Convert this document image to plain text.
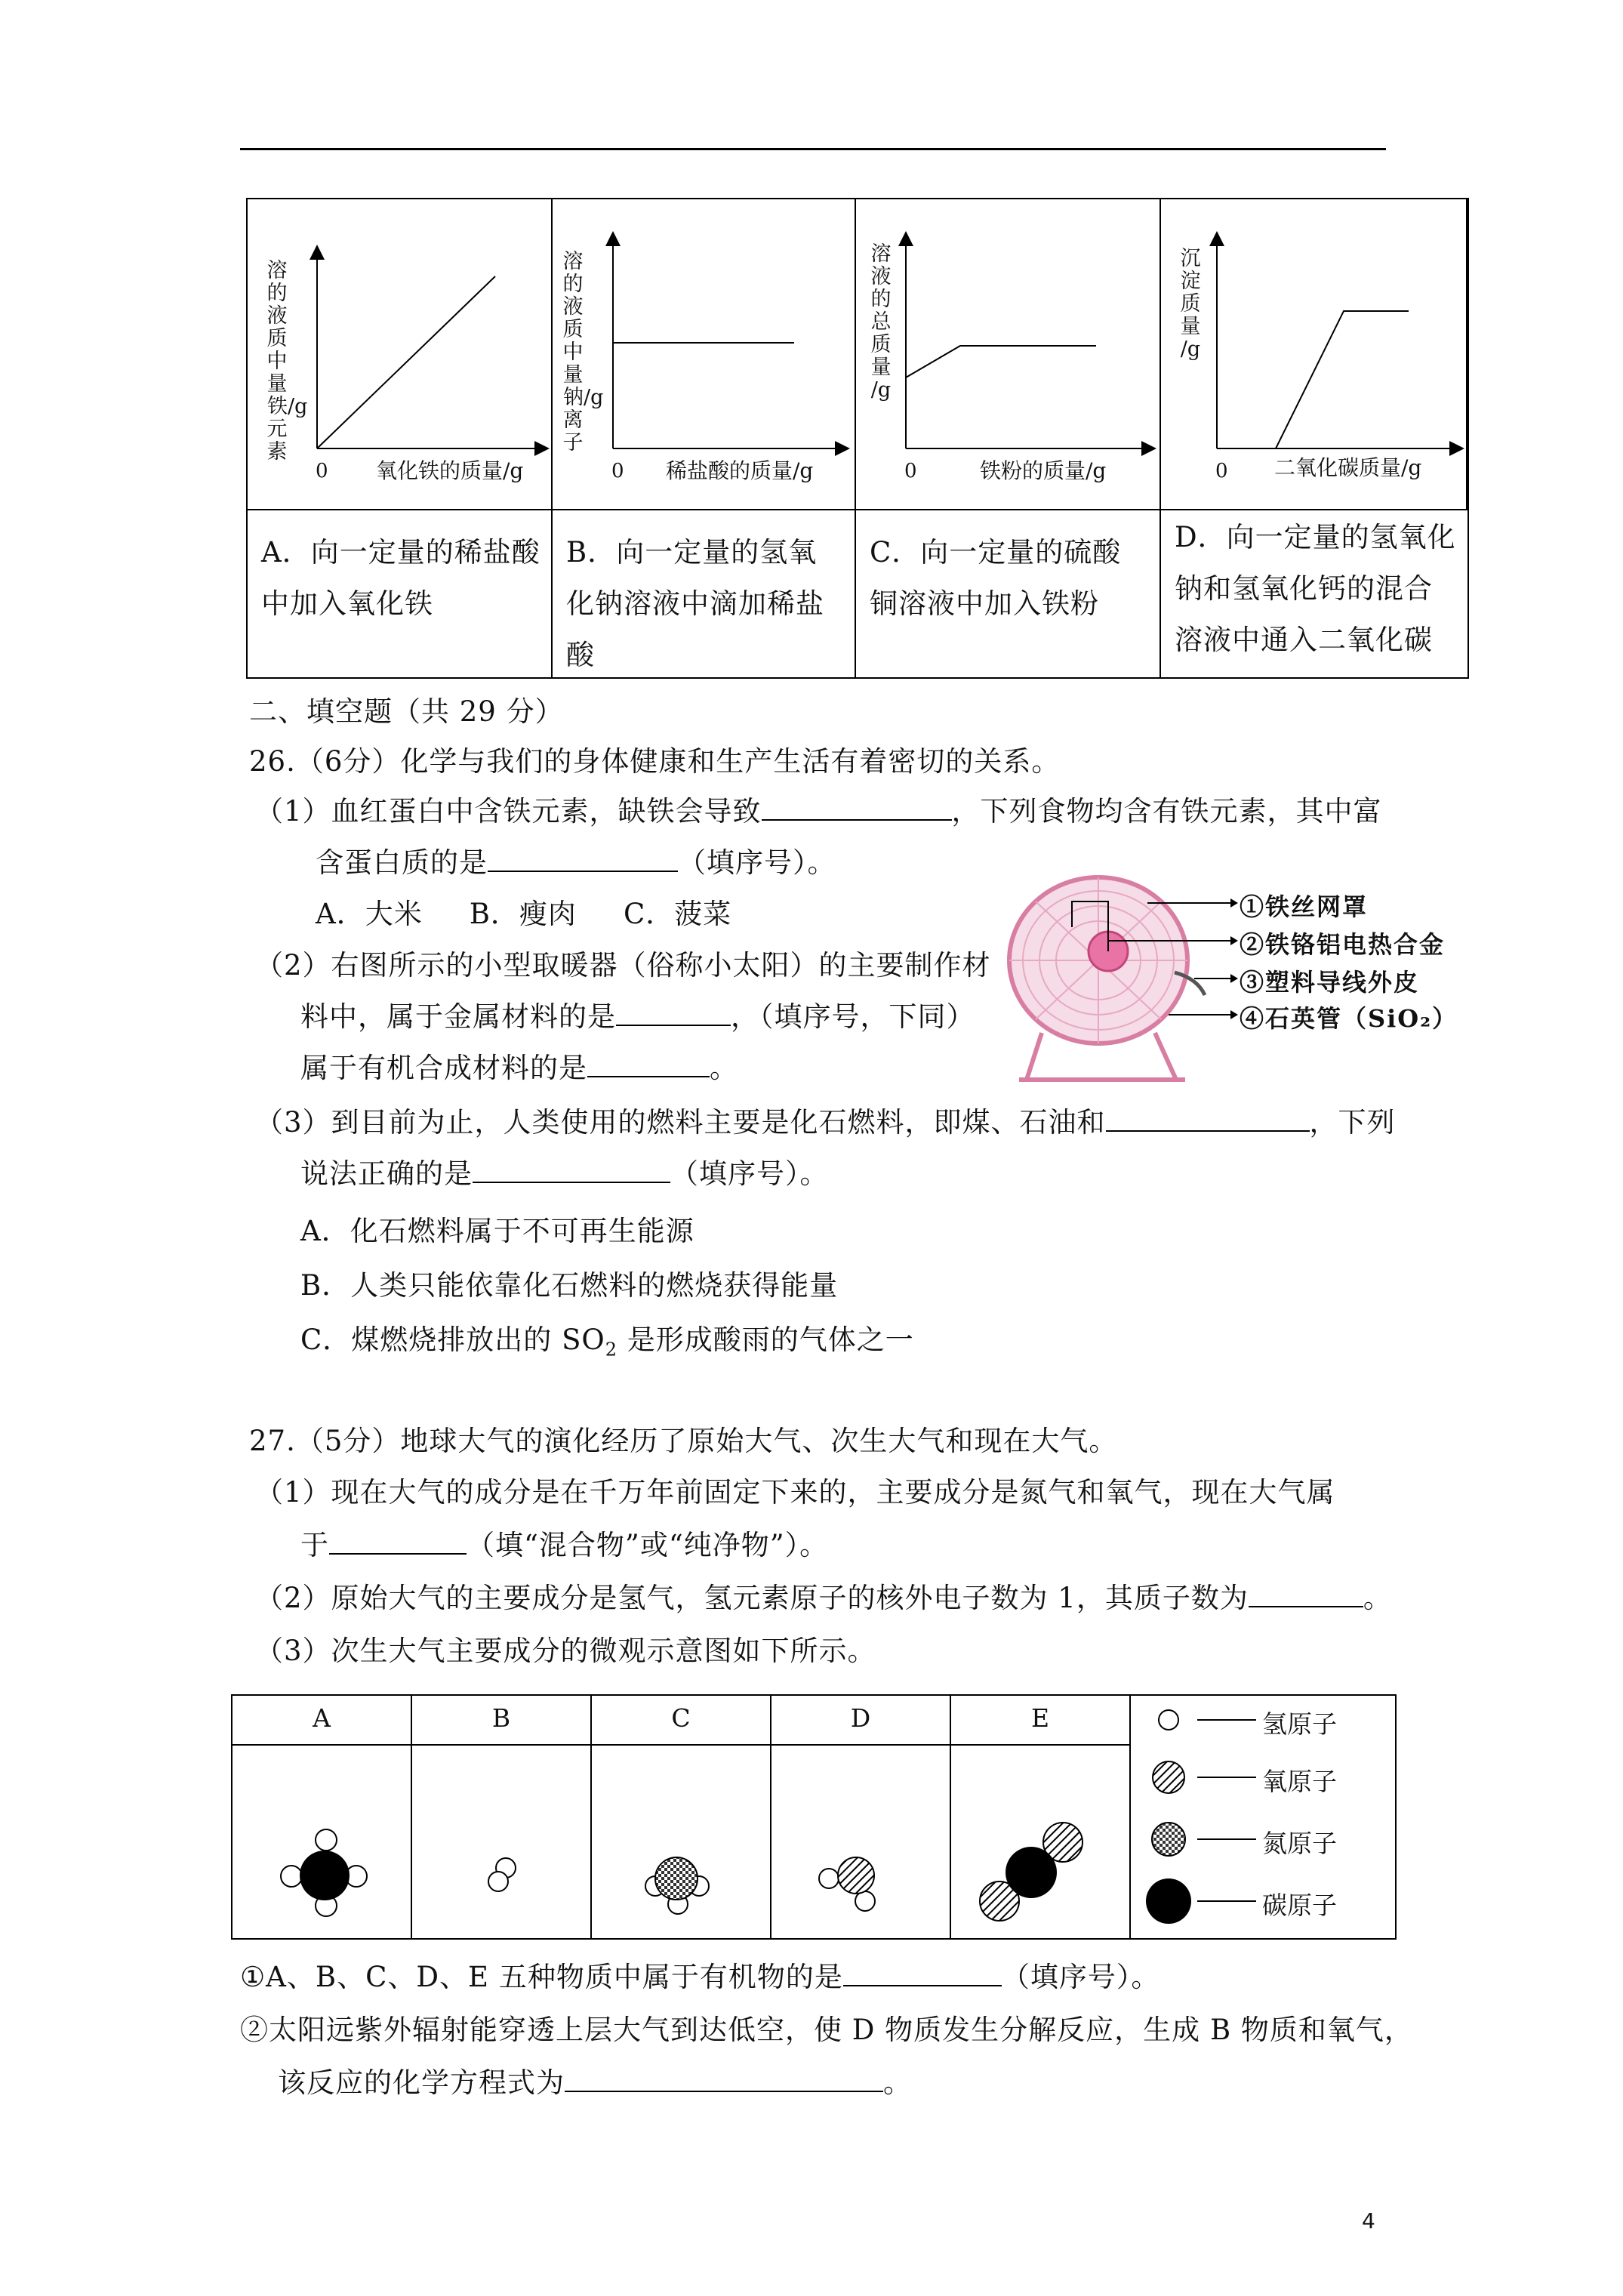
溶的
液质
中量
铁/g
元
素
0 氧化铁的质量/g
溶的
液质
中量
钠/g
离
子
0 稀盐酸的质量/g
溶
液
的
总
质
量
/g
0	铁粉的质量/g
沉
淀
质
量
/g
0 二氧化碳质量/g
A．向一定量的稀盐酸中加入氧化铁
B．向一定量的氢氧化钠溶液中滴加稀盐酸
C．向一定量的硫酸铜溶液中加入铁粉
D．向一定量的氢氧化钠和氢氧化钙的混合溶液中通入二氧化碳
二、填空题（共 29 分）
26.（6分）化学与我们的身体健康和生产生活有着密切的关系。
（1）血红蛋白中含铁元素，缺铁会导致	，下列食物均含有铁元素，其中富
含蛋白质的是	（填序号）。
A．大米 B．瘦肉 C．菠菜
（2）右图所示的小型取暖器（俗称小太阳）的主要制作材
料中，属于金属材料的是	，（填序号，下同）
属于有机合成材料的是	。
①铁丝网罩
②铁铬铝电热合金
③塑料导线外皮
④石英管（SiO₂）
（3）到目前为止，人类使用的燃料主要是化石燃料，即煤、石油和	，下列
说法正确的是	（填序号）。
A．化石燃料属于不可再生能源
B．人类只能依靠化石燃料的燃烧获得能量
C．煤燃烧排放出的 $SO_2$ 是形成酸雨的气体之一
27.（5分）地球大气的演化经历了原始大气、次生大气和现在大气。
（1）现在大气的成分是在千万年前固定下来的，主要成分是氮气和氧气，现在大气属
于	（填“混合物”或“纯净物”）。
（2）原始大气的主要成分是氢气，氢元素原子的核外电子数为 1，其质子数为	。
（3）次生大气主要成分的微观示意图如下所示。
A	B	C	D	E	氢原子
氧原子
氮原子
碳原子
①A、B、C、D、E 五种物质中属于有机物的是	（填序号）。
②太阳远紫外辐射能穿透上层大气到达低空，使 D 物质发生分解反应，生成 B 物质和氧气，
该反应的化学方程式为	。
4
